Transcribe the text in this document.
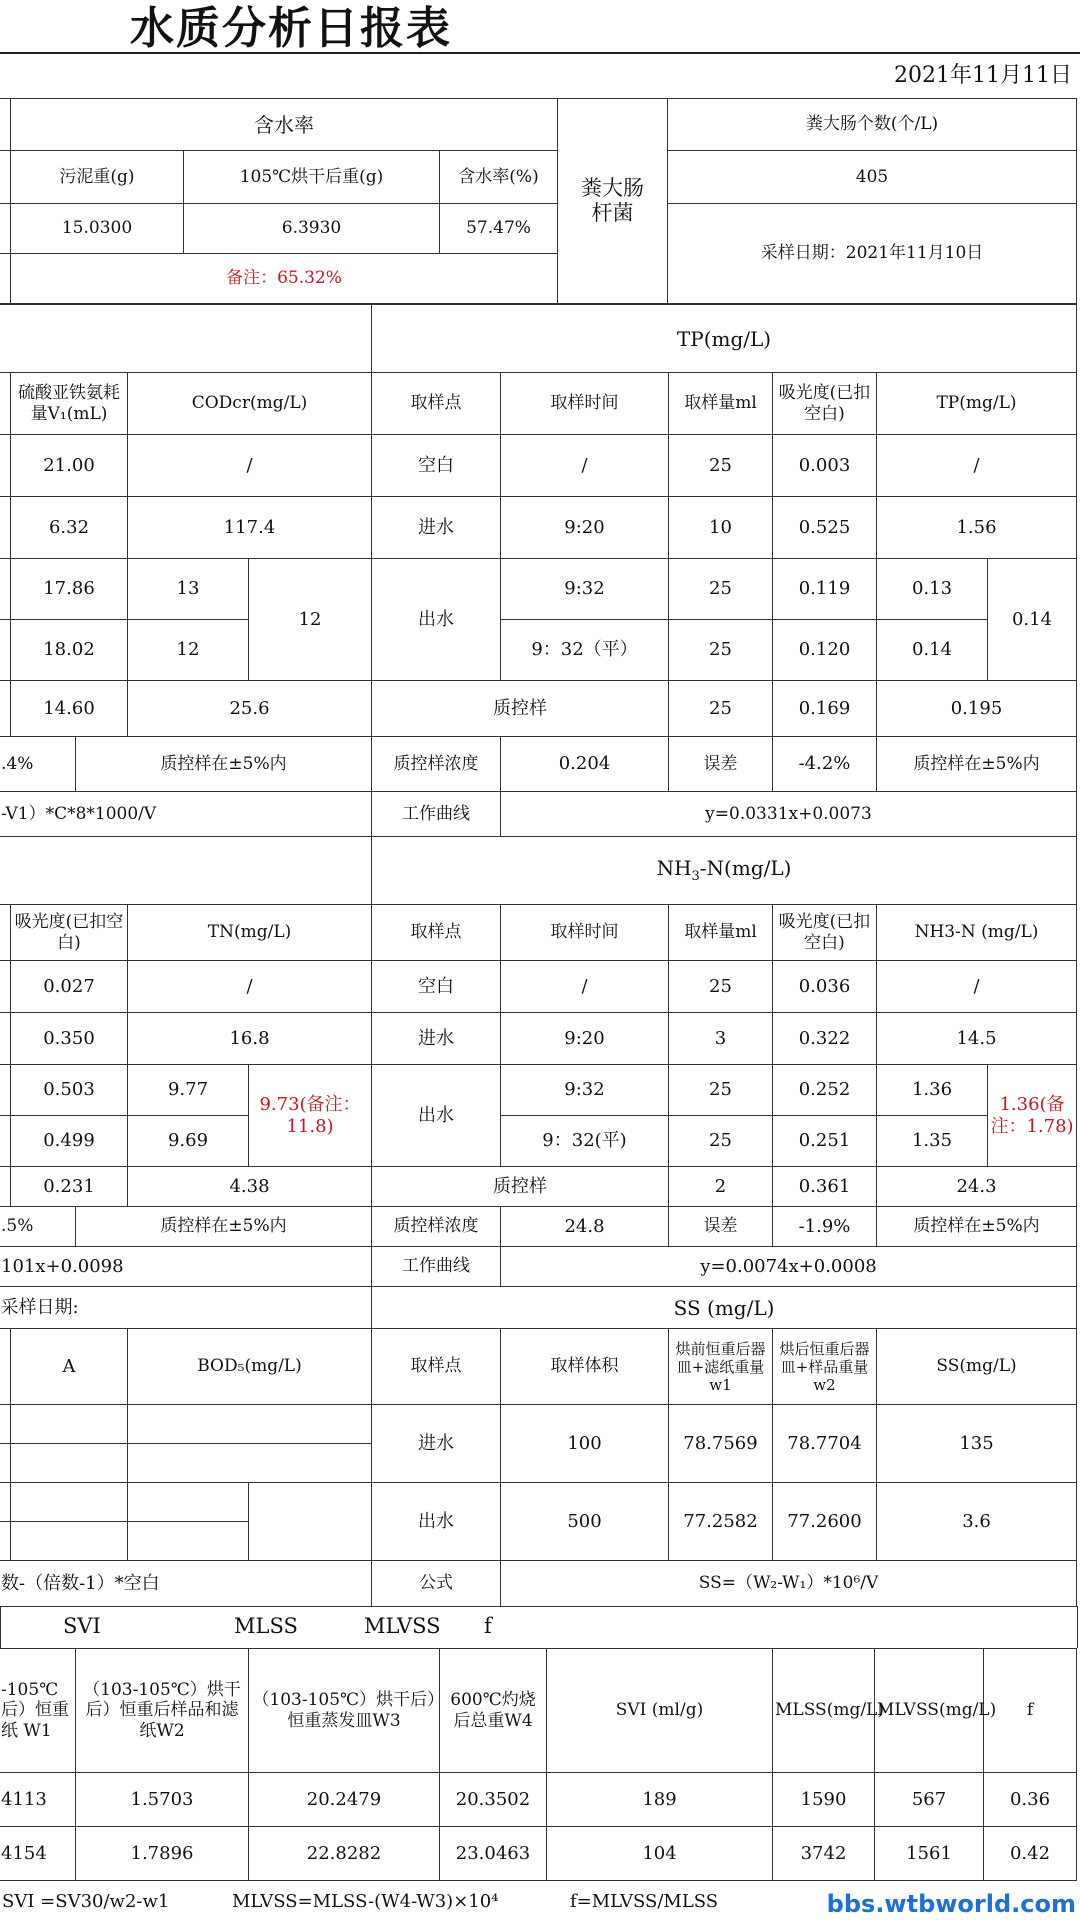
水质分析日报表
2021年11月11日
	含水率			粪大肠杆菌	粪大肠个数(个/L)
	污泥重(g)	105℃烘干后重(g)	含水率(%)		405
	15.0300	6.3930	57.47%		采样日期：2021年11月10日
	备注：65.32%				
					TP(mg/L)					
	硫酸亚铁氨耗量V₁(mL)		CODcr(mg/L)		取样点	取样时间	取样量ml	吸光度(已扣空白)	TP(mg/L)	
	21.00		/		空白	/	25	0.003	/	
	6.32		117.4		进水	9:20	10	0.525	1.56	
	17.86		13	12	出水	9:32	25	0.119	0.13	0.14
	18.02		12			9：32（平）	25	0.120	0.14	
	14.60		25.6		质控样		25	0.169	0.195	
.4%		质控样在±5%内			质控样浓度	0.204	误差	-4.2%	质控样在±5%内	
-V1）*C*8*1000/V					工作曲线	y=0.0331x+0.0073				
					$NH_3-N(mg/L)$					
	吸光度(已扣空白)		TN(mg/L)		取样点	取样时间	取样量ml	吸光度(已扣空白)	NH3-N (mg/L)	
	0.027		/		空白	/	25	0.036	/	
	0.350		16.8		进水	9:20	3	0.322	14.5	
	0.503		9.77	9.73(备注：11.8)	出水	9:32	25	0.252	1.36	1.36(备注：1.78)
	0.499		9.69			9：32(平)	25	0.251	1.35	
	0.231		4.38		质控样		2	0.361	24.3	
.5%		质控样在±5%内			质控样浓度	24.8	误差	-1.9%	质控样在±5%内	
101x+0.0098					工作曲线	y=0.0074x+0.0008				
采样日期:				SS (mg/L)				
	A	BOD₅(mg/L)		取样点	取样体积	烘前恒重后器皿+滤纸重量w1	烘后恒重后器皿+样品重量w2	SS(mg/L)
				进水	100	78.7569	78.7704	135

				出水	500	77.2582	77.2600	3.6

数-（倍数-1）*空白				公式	SS=（W₂-W₁）*10⁶/V			
SVI	MLSS	MLVSS f
-105℃后）恒重纸 W1	（103-105℃）烘干后）恒重后样品和滤纸W2	（103-105℃）烘干后）恒重蒸发皿W3	600℃灼烧后总重W4	SVI (ml/g)	MLSS(mg/L)	MLVSS(mg/L)	f
4113	1.5703	20.2479	20.3502	189	1590	567	0.36
4154	1.7896	22.8282	23.0463	104	3742	1561	0.42
SVI =SV30/w2-w1	MLVSS=MLSS-(W4-W3)×10⁴	f=MLVSS/MLSS	bbs.wtbworld.com
